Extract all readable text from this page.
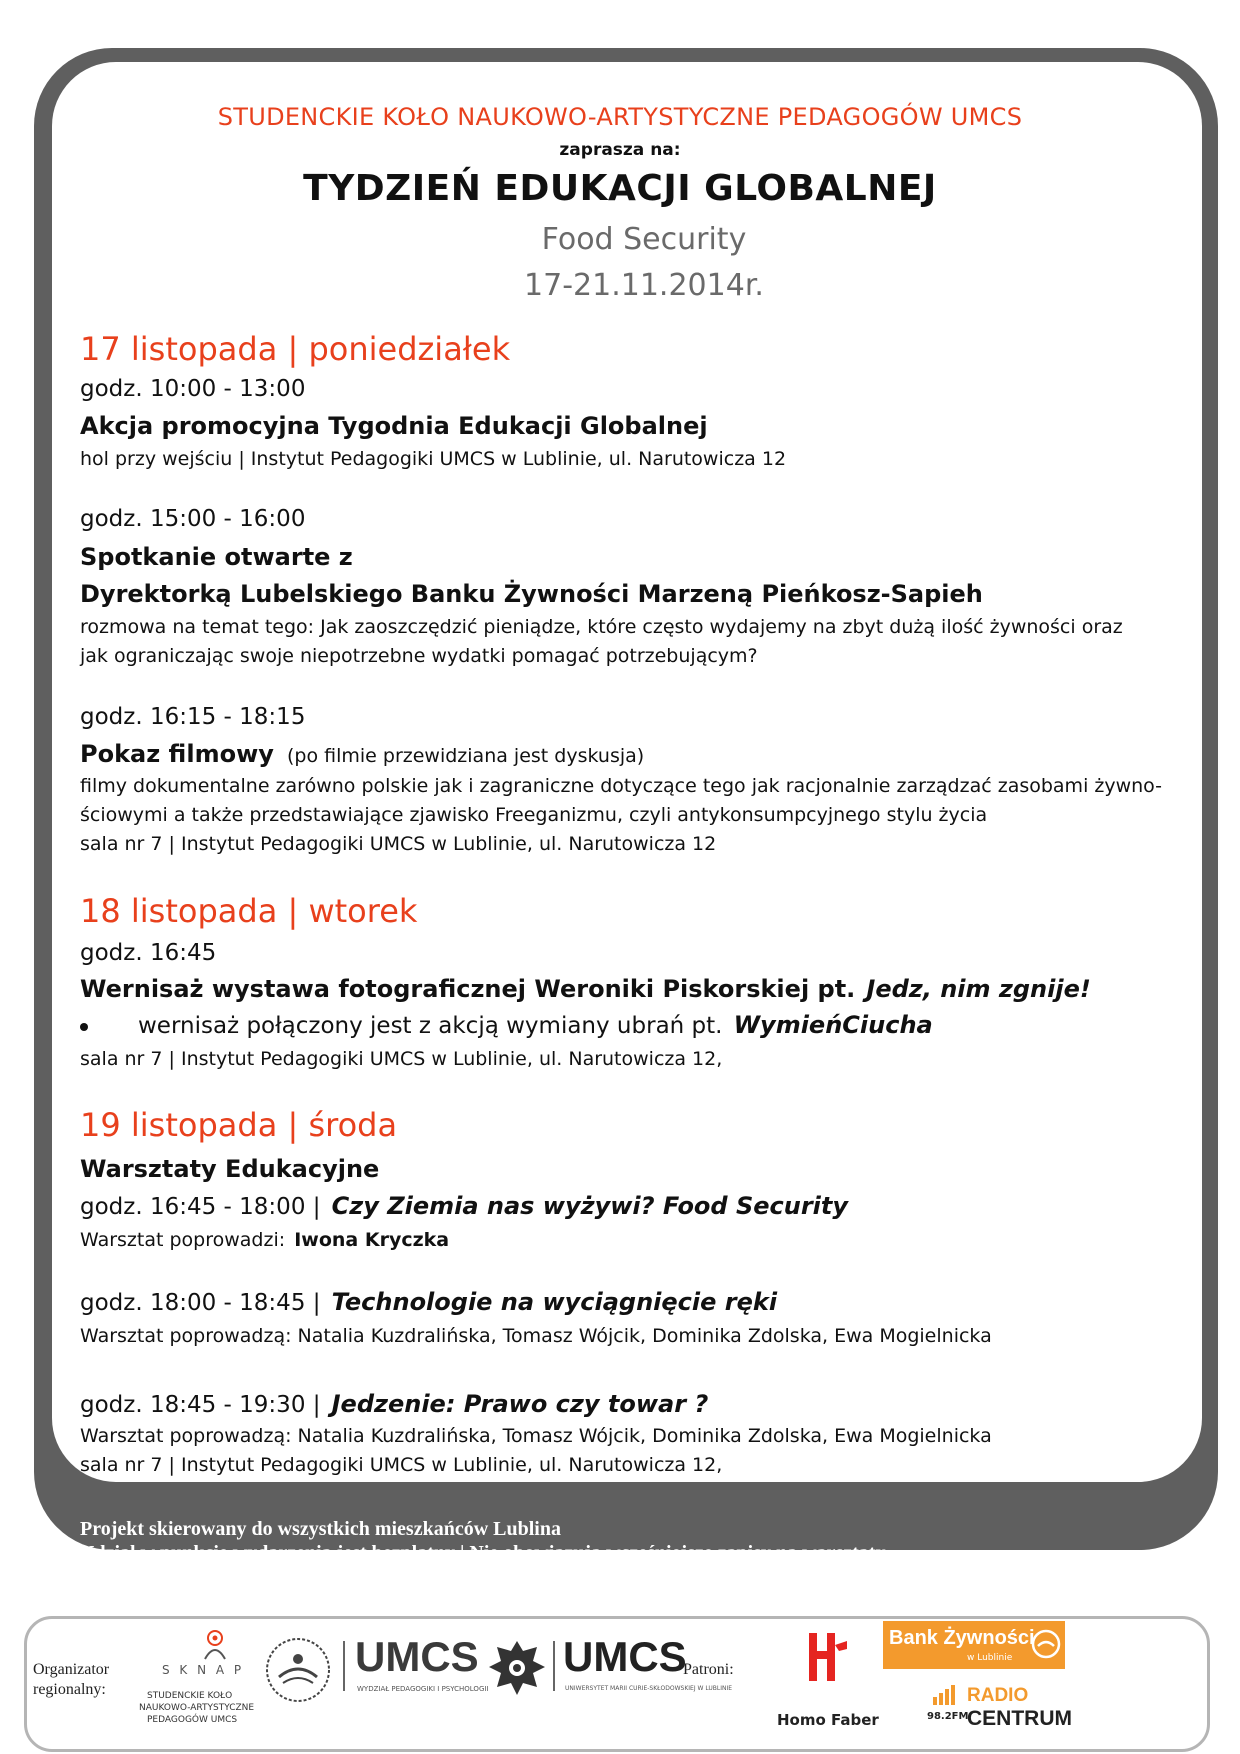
STUDENCKIE KOŁO NAUKOWO-ARTYSTYCZNE PEDAGOGÓW UMCS
zaprasza na:
TYDZIEŃ EDUKACJI GLOBALNEJ
Food Security
17-21.11.2014r.
17 listopada | poniedziałek
godz. 10:00 - 13:00
Akcja promocyjna Tygodnia Edukacji Globalnej
hol przy wejściu | Instytut Pedagogiki UMCS w Lublinie, ul. Narutowicza 12
godz. 15:00 - 16:00
Spotkanie otwarte z
Dyrektorką Lubelskiego Banku Żywności Marzeną Pieńkosz-Sapieh
rozmowa na temat tego: Jak zaoszczędzić pieniądze, które często wydajemy na zbyt dużą ilość żywności oraz
jak ograniczając swoje niepotrzebne wydatki pomagać potrzebującym?
godz. 16:15 - 18:15
Pokaz filmowy (po filmie przewidziana jest dyskusja)
filmy dokumentalne zarówno polskie jak i zagraniczne dotyczące tego jak racjonalnie zarządzać zasobami żywno-
ściowymi a także przedstawiające zjawisko Freeganizmu, czyli antykonsumpcyjnego stylu życia
sala nr 7 | Instytut Pedagogiki UMCS w Lublinie, ul. Narutowicza 12
18 listopada | wtorek
godz. 16:45
Wernisaż wystawa fotograficznej Weroniki Piskorskiej pt. Jedz, nim zgnije!
wernisaż połączony jest z akcją wymiany ubrań pt. WymieńCiucha
sala nr 7 | Instytut Pedagogiki UMCS w Lublinie, ul. Narutowicza 12,
19 listopada | środa
Warsztaty Edukacyjne
godz. 16:45 - 18:00 | Czy Ziemia nas wyżywi? Food Security
Warsztat poprowadzi: Iwona Kryczka
godz. 18:00 - 18:45 | Technologie na wyciągnięcie ręki
Warsztat poprowadzą: Natalia Kuzdralińska, Tomasz Wójcik, Dominika Zdolska, Ewa Mogielnicka
godz. 18:45 - 19:30 | Jedzenie: Prawo czy towar ?
Warsztat poprowadzą: Natalia Kuzdralińska, Tomasz Wójcik, Dominika Zdolska, Ewa Mogielnicka
sala nr 7 | Instytut Pedagogiki UMCS w Lublinie, ul. Narutowicza 12,
Projekt skierowany do wszystkich mieszkańców Lublina
Udział w punkcie wydarzenia jest bezpłatny | Nie obowiązują wcześniejsze zapisy na warsztaty
www.sknap.umcs.lublin.pl | www.teg.edu.pl
Organizator
regionalny:
S K N A P
STUDENCKIE KOŁO
NAUKOWO-ARTYSTYCZNE
PEDAGOGÓW UMCS
UMCS
WYDZIAŁ PEDAGOGIKI I PSYCHOLOGII
UMCS
UNIWERSYTET MARII CURIE-SKŁODOWSKIEJ W LUBLINIE
Patroni:
Homo Faber
Bank Żywności
w Lublinie
98.2FM
RADIO
CENTRUM
